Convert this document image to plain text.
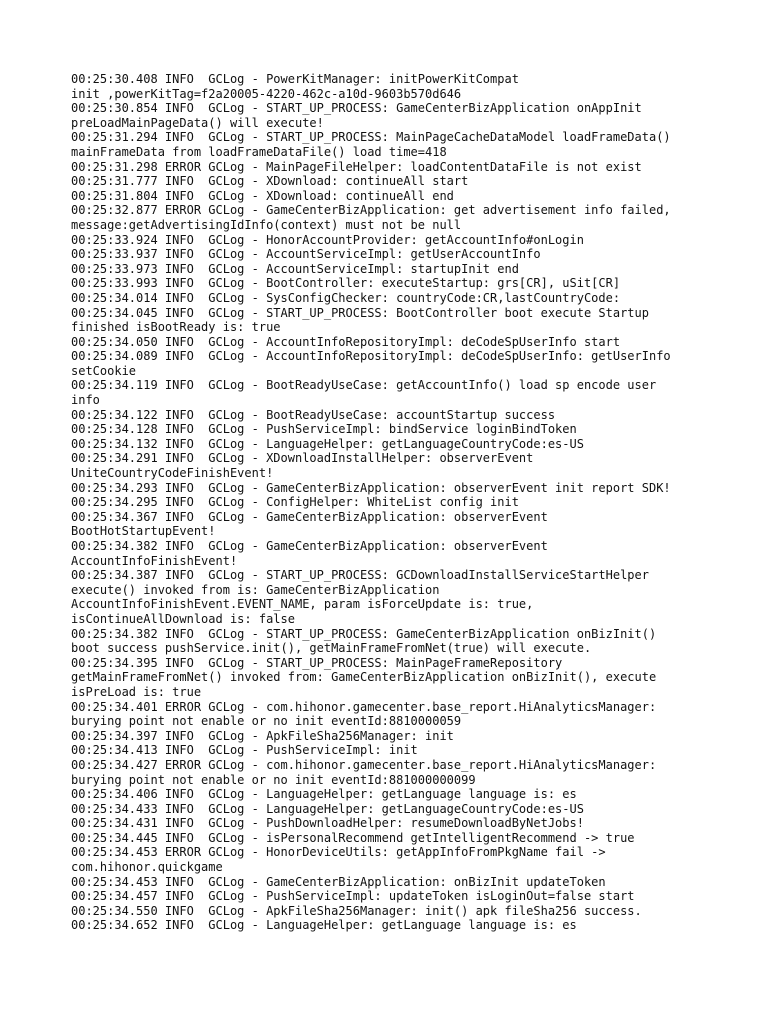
00:25:30.408 INFO  GCLog - PowerKitManager: initPowerKitCompat
init ,powerKitTag=f2a20005-4220-462c-a10d-9603b570d646
00:25:30.854 INFO  GCLog - START_UP_PROCESS: GameCenterBizApplication onAppInit
preLoadMainPageData() will execute!
00:25:31.294 INFO  GCLog - START_UP_PROCESS: MainPageCacheDataModel loadFrameData()
mainFrameData from loadFrameDataFile() load time=418
00:25:31.298 ERROR GCLog - MainPageFileHelper: loadContentDataFile is not exist
00:25:31.777 INFO  GCLog - XDownload: continueAll start
00:25:31.804 INFO  GCLog - XDownload: continueAll end
00:25:32.877 ERROR GCLog - GameCenterBizApplication: get advertisement info failed,
message:getAdvertisingIdInfo(context) must not be null
00:25:33.924 INFO  GCLog - HonorAccountProvider: getAccountInfo#onLogin
00:25:33.937 INFO  GCLog - AccountServiceImpl: getUserAccountInfo
00:25:33.973 INFO  GCLog - AccountServiceImpl: startupInit end
00:25:33.993 INFO  GCLog - BootController: executeStartup: grs[CR], uSit[CR]
00:25:34.014 INFO  GCLog - SysConfigChecker: countryCode:CR,lastCountryCode:
00:25:34.045 INFO  GCLog - START_UP_PROCESS: BootController boot execute Startup
finished isBootReady is: true
00:25:34.050 INFO  GCLog - AccountInfoRepositoryImpl: deCodeSpUserInfo start
00:25:34.089 INFO  GCLog - AccountInfoRepositoryImpl: deCodeSpUserInfo: getUserInfo
setCookie
00:25:34.119 INFO  GCLog - BootReadyUseCase: getAccountInfo() load sp encode user
info
00:25:34.122 INFO  GCLog - BootReadyUseCase: accountStartup success
00:25:34.128 INFO  GCLog - PushServiceImpl: bindService loginBindToken
00:25:34.132 INFO  GCLog - LanguageHelper: getLanguageCountryCode:es-US
00:25:34.291 INFO  GCLog - XDownloadInstallHelper: observerEvent
UniteCountryCodeFinishEvent!
00:25:34.293 INFO  GCLog - GameCenterBizApplication: observerEvent init report SDK!
00:25:34.295 INFO  GCLog - ConfigHelper: WhiteList config init
00:25:34.367 INFO  GCLog - GameCenterBizApplication: observerEvent
BootHotStartupEvent!
00:25:34.382 INFO  GCLog - GameCenterBizApplication: observerEvent
AccountInfoFinishEvent!
00:25:34.387 INFO  GCLog - START_UP_PROCESS: GCDownloadInstallServiceStartHelper
execute() invoked from is: GameCenterBizApplication
AccountInfoFinishEvent.EVENT_NAME, param isForceUpdate is: true,
isContinueAllDownload is: false
00:25:34.382 INFO  GCLog - START_UP_PROCESS: GameCenterBizApplication onBizInit()
boot success pushService.init(), getMainFrameFromNet(true) will execute.
00:25:34.395 INFO  GCLog - START_UP_PROCESS: MainPageFrameRepository
getMainFrameFromNet() invoked from: GameCenterBizApplication onBizInit(), execute
isPreLoad is: true
00:25:34.401 ERROR GCLog - com.hihonor.gamecenter.base_report.HiAnalyticsManager:
burying point not enable or no init eventId:8810000059
00:25:34.397 INFO  GCLog - ApkFileSha256Manager: init
00:25:34.413 INFO  GCLog - PushServiceImpl: init
00:25:34.427 ERROR GCLog - com.hihonor.gamecenter.base_report.HiAnalyticsManager:
burying point not enable or no init eventId:881000000099
00:25:34.406 INFO  GCLog - LanguageHelper: getLanguage language is: es
00:25:34.433 INFO  GCLog - LanguageHelper: getLanguageCountryCode:es-US
00:25:34.431 INFO  GCLog - PushDownloadHelper: resumeDownloadByNetJobs!
00:25:34.445 INFO  GCLog - isPersonalRecommend getIntelligentRecommend -> true
00:25:34.453 ERROR GCLog - HonorDeviceUtils: getAppInfoFromPkgName fail ->
com.hihonor.quickgame
00:25:34.453 INFO  GCLog - GameCenterBizApplication: onBizInit updateToken
00:25:34.457 INFO  GCLog - PushServiceImpl: updateToken isLoginOut=false start
00:25:34.550 INFO  GCLog - ApkFileSha256Manager: init() apk fileSha256 success.
00:25:34.652 INFO  GCLog - LanguageHelper: getLanguage language is: es
